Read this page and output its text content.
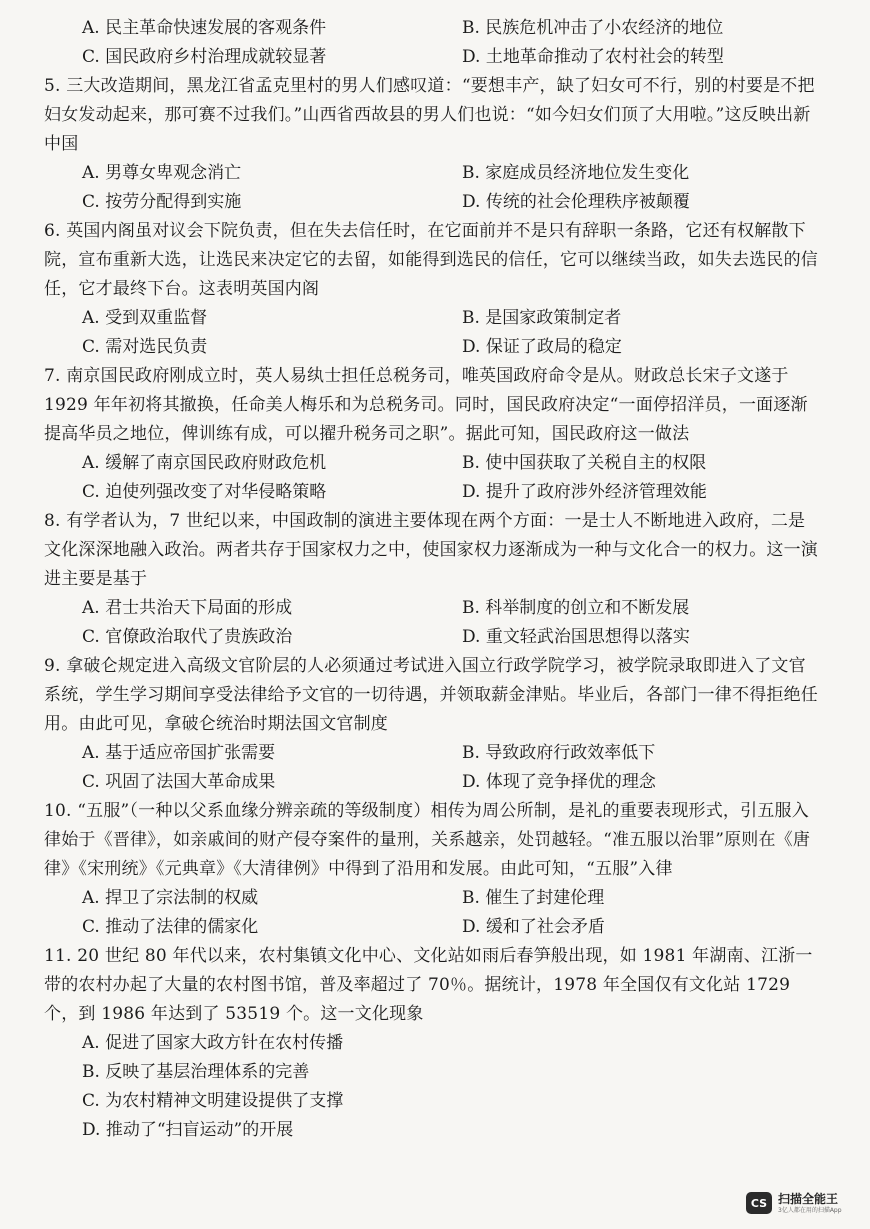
A. 民主革命快速发展的客观条件	B. 民族危机冲击了小农经济的地位
C. 国民政府乡村治理成就较显著	D. 土地革命推动了农村社会的转型

5. 三大改造期间，黑龙江省孟克里村的男人们感叹道：“要想丰产，缺了妇女可不行，别的村要是不把妇女发动起来，那可赛不过我们。”山西省西故县的男人们也说：“如今妇女们顶了大用啦。”这反映出新中国

A. 男尊女卑观念消亡	B. 家庭成员经济地位发生变化
C. 按劳分配得到实施	D. 传统的社会伦理秩序被颠覆

6. 英国内阁虽对议会下院负责，但在失去信任时，在它面前并不是只有辞职一条路，它还有权解散下院，宣布重新大选，让选民来决定它的去留，如能得到选民的信任，它可以继续当政，如失去选民的信任，它才最终下台。这表明英国内阁

A. 受到双重监督	B. 是国家政策制定者
C. 需对选民负责	D. 保证了政局的稳定

7. 南京国民政府刚成立时，英人易纨士担任总税务司，唯英国政府命令是从。财政总长宋子文遂于 1929 年年初将其撤换，任命美人梅乐和为总税务司。同时，国民政府决定“一面停招洋员，一面逐渐提高华员之地位，俾训练有成，可以擢升税务司之职”。据此可知，国民政府这一做法

A. 缓解了南京国民政府财政危机	B. 使中国获取了关税自主的权限
C. 迫使列强改变了对华侵略策略	D. 提升了政府涉外经济管理效能

8. 有学者认为，7 世纪以来，中国政制的演进主要体现在两个方面：一是士人不断地进入政府，二是文化深深地融入政治。两者共存于国家权力之中，使国家权力逐渐成为一种与文化合一的权力。这一演进主要是基于

A. 君士共治天下局面的形成	B. 科举制度的创立和不断发展
C. 官僚政治取代了贵族政治	D. 重文轻武治国思想得以落实

9. 拿破仑规定进入高级文官阶层的人必须通过考试进入国立行政学院学习，被学院录取即进入了文官系统，学生学习期间享受法律给予文官的一切待遇，并领取薪金津贴。毕业后，各部门一律不得拒绝任用。由此可见，拿破仑统治时期法国文官制度

A. 基于适应帝国扩张需要	B. 导致政府行政效率低下
C. 巩固了法国大革命成果	D. 体现了竞争择优的理念

10. “五服”（一种以父系血缘分辨亲疏的等级制度）相传为周公所制，是礼的重要表现形式，引五服入律始于《晋律》，如亲戚间的财产侵夺案件的量刑，关系越亲，处罚越轻。“准五服以治罪”原则在《唐律》《宋刑统》《元典章》《大清律例》中得到了沿用和发展。由此可知，“五服”入律

A. 捍卫了宗法制的权威	B. 催生了封建伦理
C. 推动了法律的儒家化	D. 缓和了社会矛盾

11. 20 世纪 80 年代以来，农村集镇文化中心、文化站如雨后春笋般出现，如 1981 年湖南、江浙一带的农村办起了大量的农村图书馆，普及率超过了 70％。据统计，1978 年全国仅有文化站 1729 个，到 1986 年达到了 53519 个。这一文化现象

A. 促进了国家大政方针在农村传播
B. 反映了基层治理体系的完善
C. 为农村精神文明建设提供了支撑
D. 推动了“扫盲运动”的开展
CS 扫描全能王
3亿人都在用的扫描App
